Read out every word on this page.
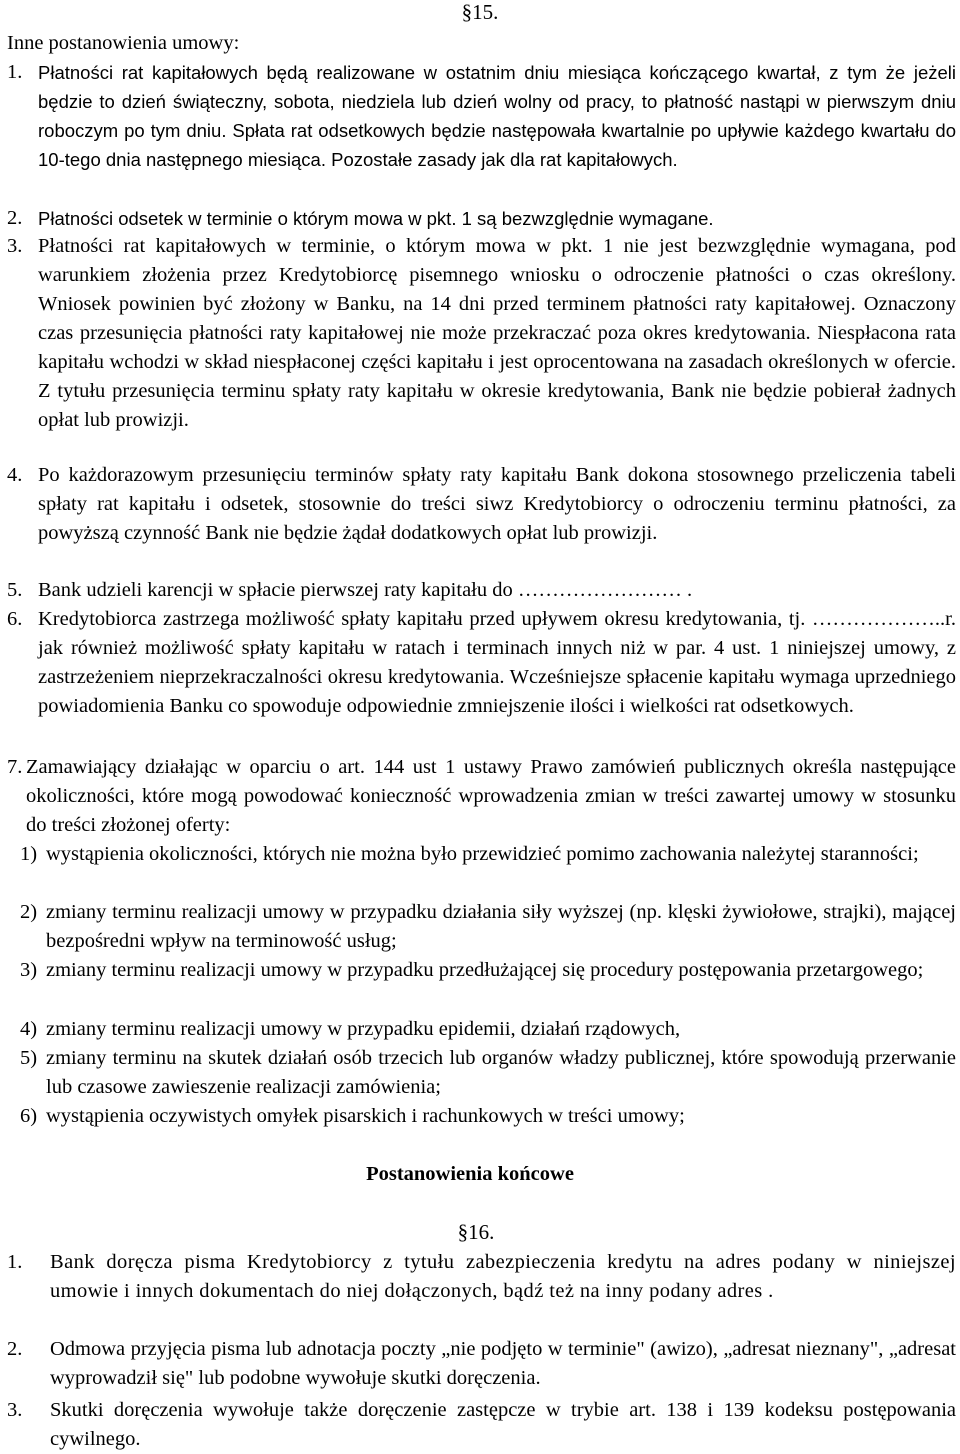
§15.
Inne postanowienia umowy:
1. Płatności rat kapitałowych będą realizowane w ostatnim dniu miesiąca kończącego kwartał, z tym że jeżeli będzie to dzień świąteczny, sobota, niedziela lub dzień wolny od pracy, to płatność nastąpi w pierwszym dniu roboczym po tym dniu. Spłata rat odsetkowych będzie następowała kwartalnie po upływie każdego kwartału do 10-tego dnia następnego miesiąca. Pozostałe zasady jak dla rat kapitałowych.
2. Płatności odsetek w terminie o którym mowa w pkt. 1 są bezwzględnie wymagane.
3. Płatności rat kapitałowych w terminie, o którym mowa w pkt. 1 nie jest bezwzględnie wymagana, pod warunkiem złożenia przez Kredytobiorcę pisemnego wniosku o odroczenie płatności o czas określony. Wniosek powinien być złożony w Banku, na 14 dni przed terminem płatności raty kapitałowej. Oznaczony czas przesunięcia płatności raty kapitałowej nie może przekraczać poza okres kredytowania. Niespłacona rata kapitału wchodzi w skład niespłaconej części kapitału i jest oprocentowana na zasadach określonych w ofercie. Z tytułu przesunięcia terminu spłaty raty kapitału w okresie kredytowania, Bank nie będzie pobierał żadnych opłat lub prowizji.
4. Po każdorazowym przesunięciu terminów spłaty raty kapitału Bank dokona stosownego przeliczenia tabeli spłaty rat kapitału i odsetek, stosownie do treści siwz Kredytobiorcy o odroczeniu terminu płatności, za powyższą czynność Bank nie będzie żądał dodatkowych opłat lub prowizji.
5. Bank udzieli karencji w spłacie pierwszej raty kapitału do …………………… .
6. Kredytobiorca zastrzega możliwość spłaty kapitału przed upływem okresu kredytowania, tj. ………………..r. jak również możliwość spłaty kapitału w ratach i terminach innych niż w par. 4 ust. 1 niniejszej umowy, z zastrzeżeniem nieprzekraczalności okresu kredytowania. Wcześniejsze spłacenie kapitału wymaga uprzedniego powiadomienia Banku co spowoduje odpowiednie zmniejszenie ilości i wielkości rat odsetkowych.
7. Zamawiający działając w oparciu o art. 144 ust 1 ustawy Prawo zamówień publicznych określa następujące okoliczności, które mogą powodować konieczność wprowadzenia zmian w treści zawartej umowy w stosunku do treści złożonej oferty:
1) wystąpienia okoliczności, których nie można było przewidzieć pomimo zachowania należytej staranności;
2) zmiany terminu realizacji umowy w przypadku działania siły wyższej (np. klęski żywiołowe, strajki), mającej bezpośredni wpływ na terminowość usług;
3) zmiany terminu realizacji umowy w przypadku przedłużającej się procedury postępowania przetargowego;
4) zmiany terminu realizacji umowy w przypadku epidemii, działań rządowych,
5) zmiany terminu na skutek działań osób trzecich lub organów władzy publicznej, które spowodują przerwanie lub czasowe zawieszenie realizacji zamówienia;
6) wystąpienia oczywistych omyłek pisarskich i rachunkowych w treści umowy;
Postanowienia końcowe
§16.
1. Bank doręcza pisma Kredytobiorcy z tytułu zabezpieczenia kredytu na adres podany w niniejszej umowie i innych dokumentach do niej dołączonych, bądź też na inny podany adres .
2. Odmowa przyjęcia pisma lub adnotacja poczty „nie podjęto w terminie" (awizo), „adresat nieznany", „adresat wyprowadził się" lub podobne wywołuje skutki doręczenia.
3. Skutki doręczenia wywołuje także doręczenie zastępcze w trybie art. 138 i 139 kodeksu postępowania cywilnego.
